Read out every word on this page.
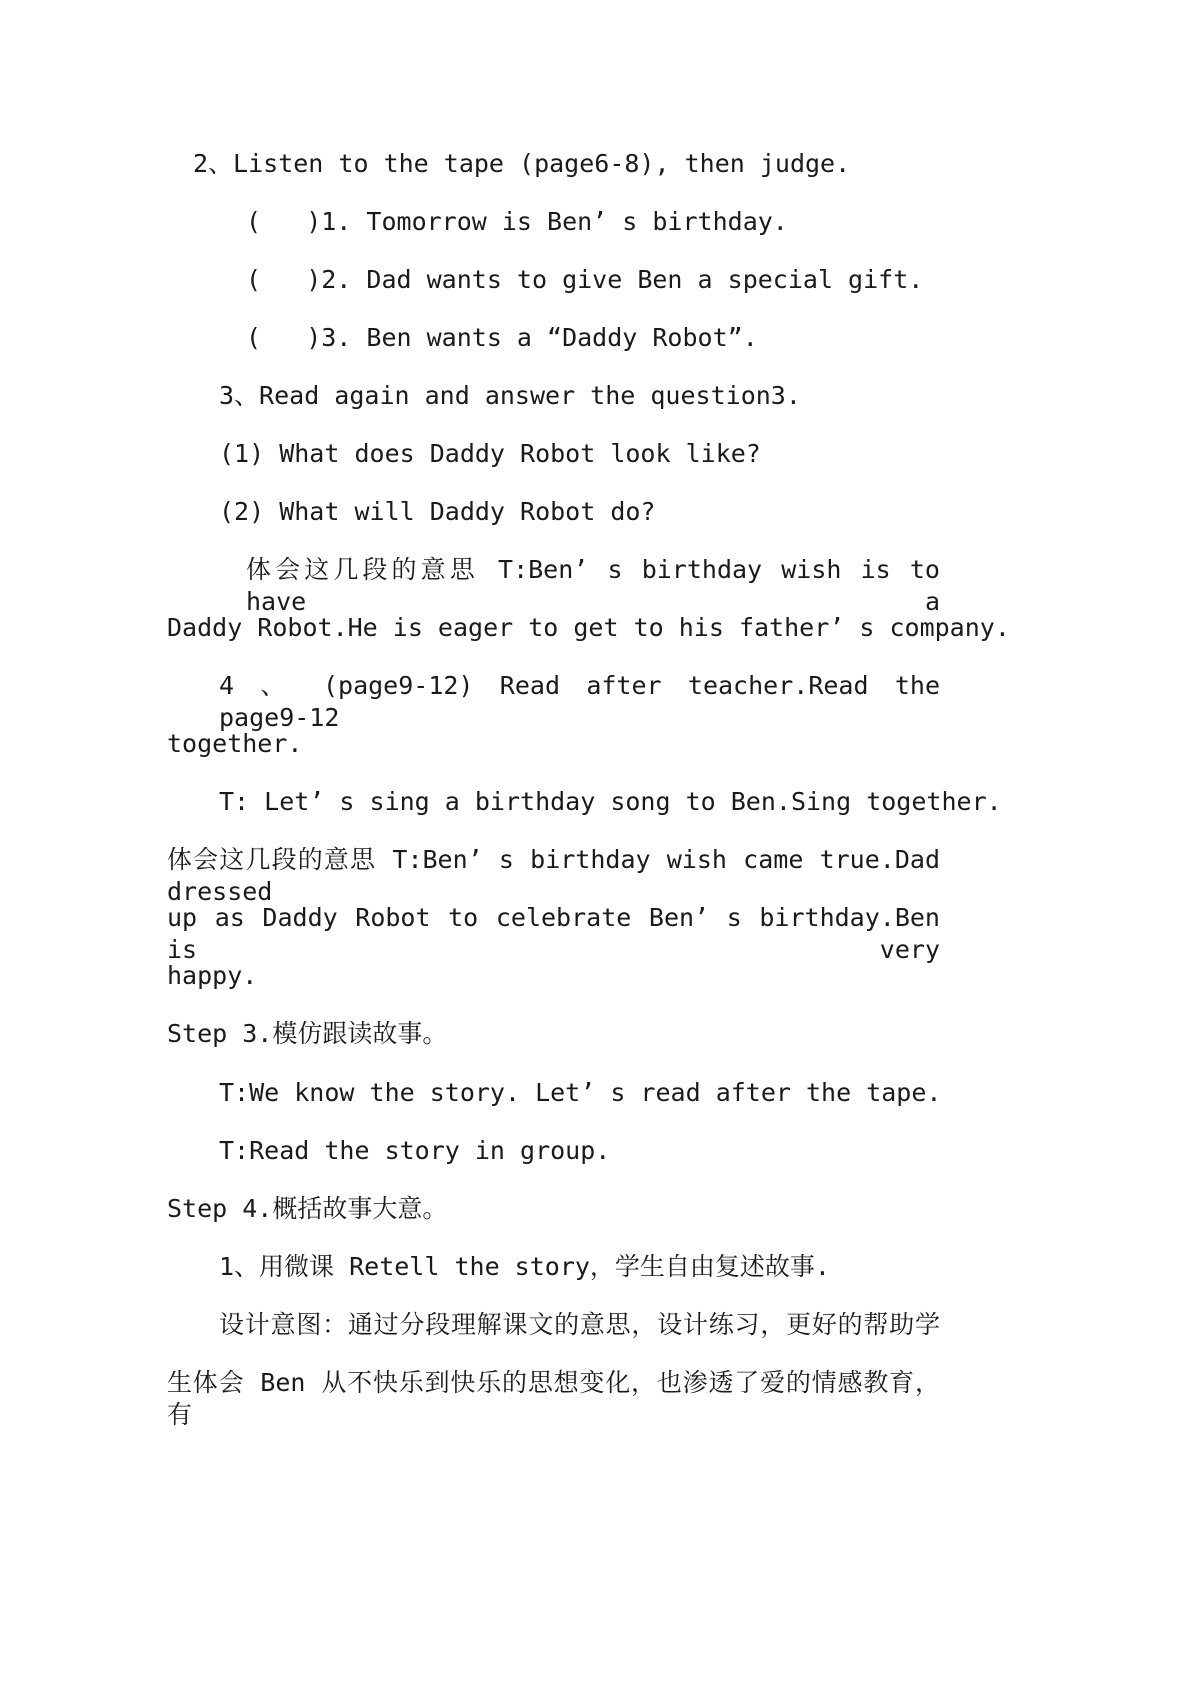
2、Listen to the tape (page6-8), then judge.
(   )1. Tomorrow is Ben’ s birthday.
(   )2. Dad wants to give Ben a special gift.
(   )3. Ben wants a “Daddy Robot”.
3、Read again and answer the question3.
(1) What does Daddy Robot look like?
(2) What will Daddy Robot do?
体会这几段的意思 T:Ben’ s birthday wish is to have a
Daddy Robot.He is eager to get to his father’ s company.
4 、 (page9-12) Read after teacher.Read the page9-12
together.
T: Let’ s sing a birthday song to Ben.Sing together.
体会这几段的意思 T:Ben’ s birthday wish came true.Dad dressed
up as Daddy Robot to celebrate Ben’ s birthday.Ben is very
happy.
Step 3.模仿跟读故事。
T:We know the story. Let’ s read after the tape.
T:Read the story in group.
Step 4.概括故事大意。
1、用微课 Retell the story，学生自由复述故事.
设计意图：通过分段理解课文的意思，设计练习，更好的帮助学
生体会 Ben 从不快乐到快乐的思想变化，也渗透了爱的情感教育，有
